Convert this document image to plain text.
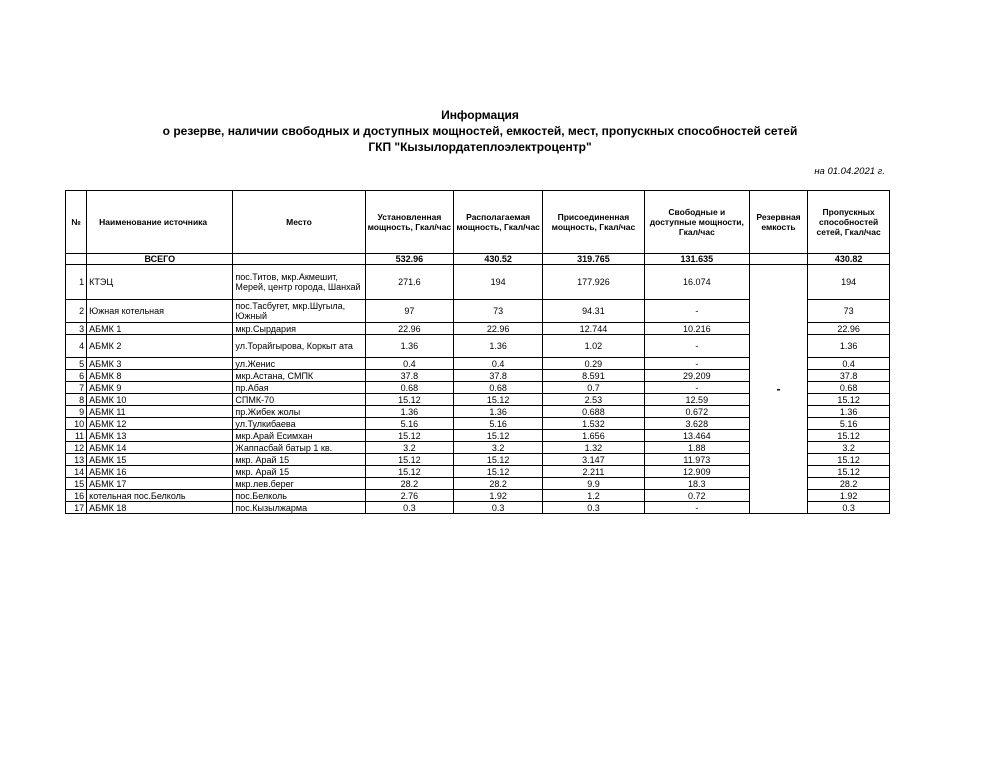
Информация
о резерве, наличии свободных и доступных мощностей, емкостей, мест, пропускных способностей сетей
ГКП "Кызылордатеплоэлектроцентр"
на 01.04.2021 г.
№	Наименование источника	Место	Установленная мощность, Гкал/час	Располагаемая мощность, Гкал/час	Присоединенная мощность, Гкал/час	Свободные и доступные мощности, Гкал/час	Резервная емкость	Пропускных способностей сетей, Гкал/час
	ВСЕГО		532.96	430.52	319.765	131.635		430.82
1	КТЭЦ	пос.Титов, мкр.Акмешит, Мерей, центр города, Шанхай	271.6	194	177.926	16.074	-	194
2	Южная котельная	пос.Тасбугет, мкр.Шугыла, Южный	97	73	94.31	-		73
3	АБМК 1	мкр.Сырдария	22.96	22.96	12.744	10.216		22.96
4	АБМК 2	ул.Торайгырова, Коркыт ата	1.36	1.36	1.02	-		1.36
5	АБМК 3	ул.Женис	0.4	0.4	0.29	-		0.4
6	АБМК 8	мкр.Астана, СМПК	37.8	37.8	8.591	29.209		37.8
7	АБМК 9	пр.Абая	0.68	0.68	0.7	-		0.68
8	АБМК 10	СПМК-70	15.12	15.12	2.53	12.59		15.12
9	АБМК 11	пр.Жибек жолы	1.36	1.36	0.688	0.672		1.36
10	АБМК 12	ул.Тулкибаева	5.16	5.16	1.532	3.628		5.16
11	АБМК 13	мкр.Арай Есимхан	15.12	15.12	1.656	13.464		15.12
12	АБМК 14	Жаппасбай батыр 1 кв.	3.2	3.2	1.32	1.88		3.2
13	АБМК 15	мкр. Арай 15	15.12	15.12	3.147	11.973		15.12
14	АБМК 16	мкр. Арай 15	15.12	15.12	2.211	12.909		15.12
15	АБМК 17	мкр.лев.берег	28.2	28.2	9.9	18.3		28.2
16	котельная пос.Белколь	пос.Белколь	2.76	1.92	1.2	0.72		1.92
17	АБМК 18	пос.Кызылжарма	0.3	0.3	0.3	-		0.3
